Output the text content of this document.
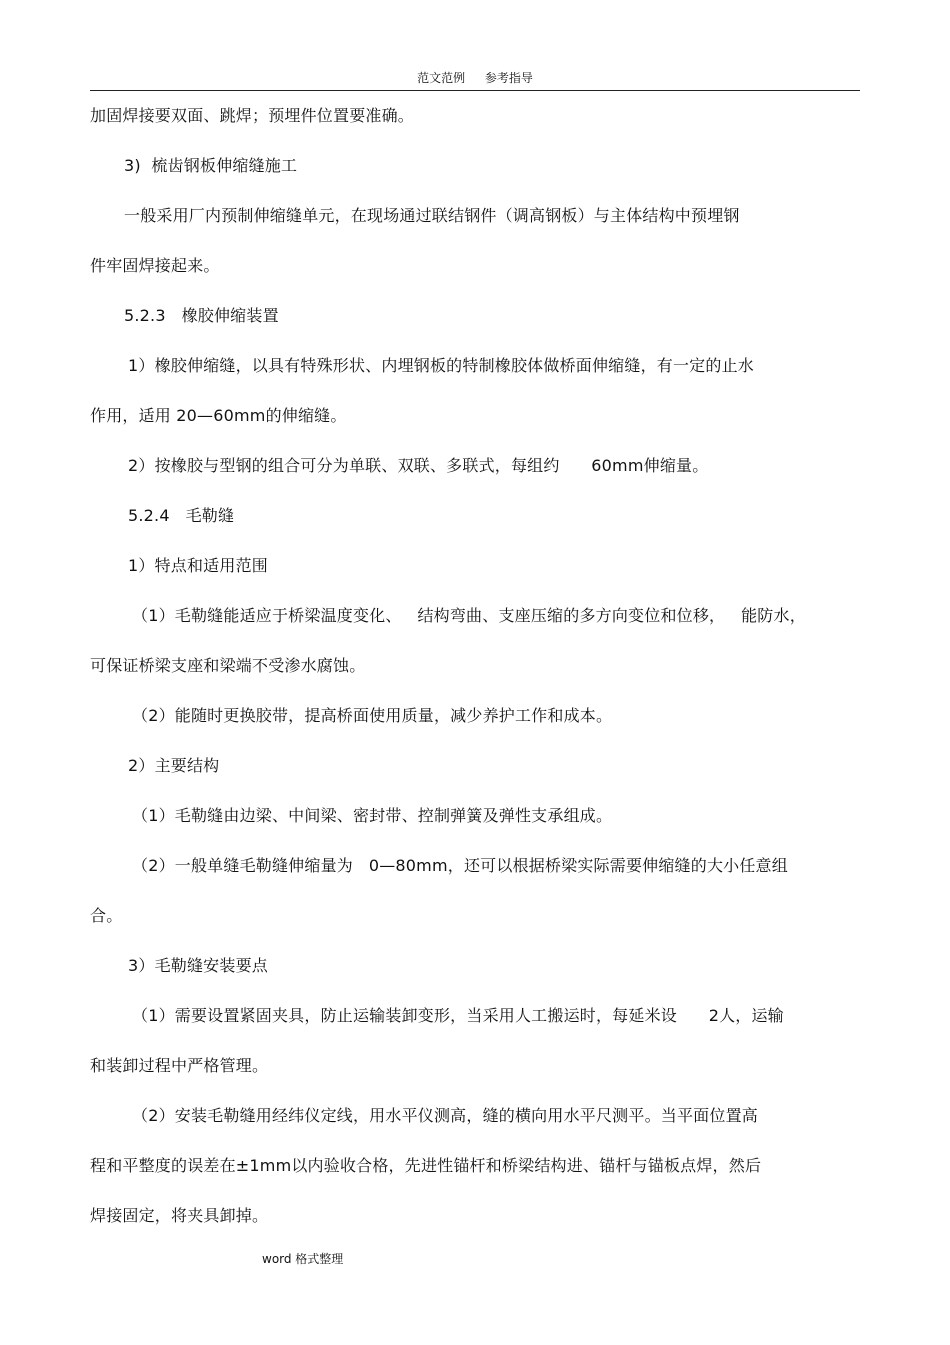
范文范例 参考指导
加固焊接要双面、跳焊；预埋件位置要准确。
3)  梳齿钢板伸缩缝施工
一般采用厂内预制伸缩缝单元，在现场通过联结钢件（调高钢板）与主体结构中预埋钢
件牢固焊接起来。
5.2.3   橡胶伸缩装置
1）橡胶伸缩缝，以具有特殊形状、内埋钢板的特制橡胶体做桥面伸缩缝，有一定的止水
作用，适用 20—60mm的伸缩缝。
2）按橡胶与型钢的组合可分为单联、双联、多联式，每组约      60mm伸缩量。
5.2.4   毛勒缝
1）特点和适用范围
（1）毛勒缝能适应于桥梁温度变化、   结构弯曲、支座压缩的多方向变位和位移，   能防水，
可保证桥梁支座和梁端不受渗水腐蚀。
（2）能随时更换胶带，提高桥面使用质量，减少养护工作和成本。
2）主要结构
（1）毛勒缝由边梁、中间梁、密封带、控制弹簧及弹性支承组成。
（2）一般单缝毛勒缝伸缩量为   0—80mm，还可以根据桥梁实际需要伸缩缝的大小任意组
合。
3）毛勒缝安装要点
（1）需要设置紧固夹具，防止运输装卸变形，当采用人工搬运时，每延米设      2人，运输
和装卸过程中严格管理。
（2）安装毛勒缝用经纬仪定线，用水平仪测高，缝的横向用水平尺测平。当平面位置高
程和平整度的误差在±1mm以内验收合格，先进性锚杆和桥梁结构进、锚杆与锚板点焊，然后
焊接固定，将夹具卸掉。
word 格式整理
